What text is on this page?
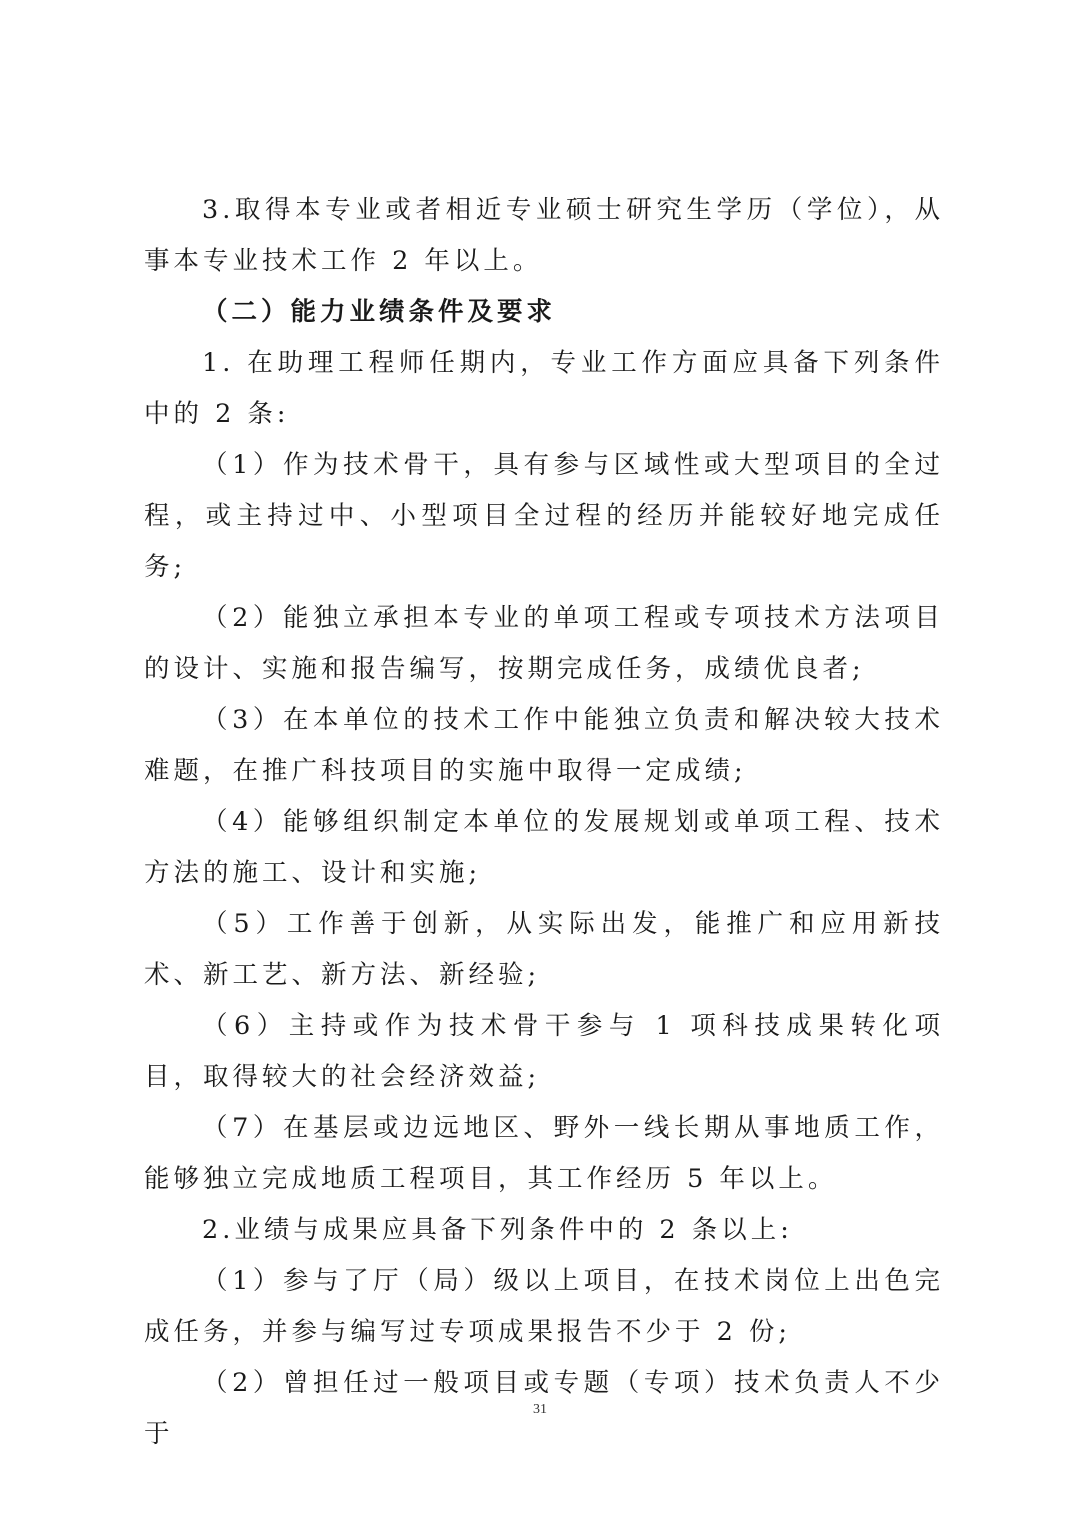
3.取得本专业或者相近专业硕士研究生学历（学位），从事本专业技术工作 2 年以上。

（二）能力业绩条件及要求

1. 在助理工程师任期内，专业工作方面应具备下列条件中的 2 条:

（1）作为技术骨干，具有参与区域性或大型项目的全过程，或主持过中、小型项目全过程的经历并能较好地完成任务;

（2）能独立承担本专业的单项工程或专项技术方法项目的设计、实施和报告编写，按期完成任务，成绩优良者;

（3）在本单位的技术工作中能独立负责和解决较大技术难题，在推广科技项目的实施中取得一定成绩;

（4）能够组织制定本单位的发展规划或单项工程、技术方法的施工、设计和实施;

（5）工作善于创新，从实际出发，能推广和应用新技术、新工艺、新方法、新经验;

（6）主持或作为技术骨干参与 1 项科技成果转化项目，取得较大的社会经济效益;

（7）在基层或边远地区、野外一线长期从事地质工作，能够独立完成地质工程项目，其工作经历 5 年以上。

2.业绩与成果应具备下列条件中的 2 条以上:

（1）参与了厅（局）级以上项目，在技术岗位上出色完成任务，并参与编写过专项成果报告不少于 2 份;

（2）曾担任过一般项目或专题（专项）技术负责人不少于

31
